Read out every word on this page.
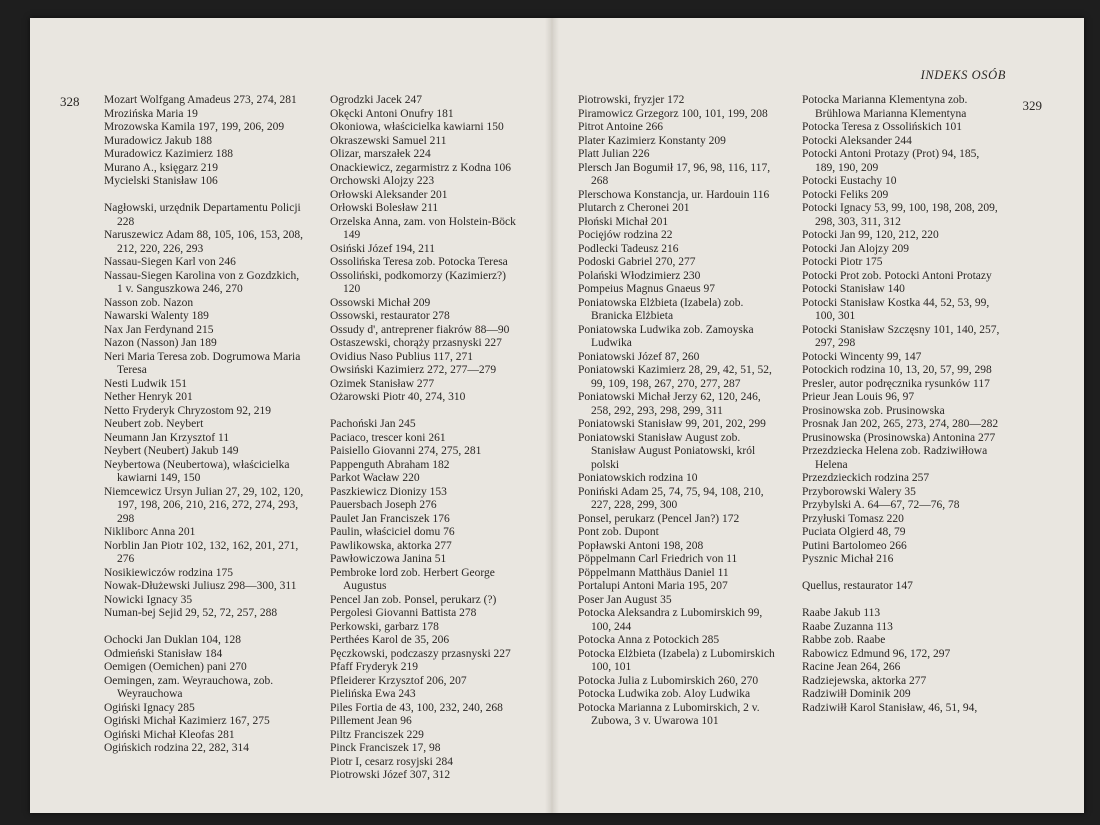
328 Mozart Wolfgang Amadeus 273, 274, 281
Mrozińska Maria 19
Mrozowska Kamila 197, 199, 206, 209
Muradowicz Jakub 188
Muradowicz Kazimierz 188
Murano A., księgarz 219
Mycielski Stanisław 106
Nagłowski, urzędnik Departamentu Policji 228
Naruszewicz Adam 88, 105, 106, 153, 208, 212, 220, 226, 293
Nassau-Siegen Karl von 246
Nassau-Siegen Karolina von z Gozdzkich, 1 v. Sanguszkowa 246, 270
Nasson zob. Nazon
Nawarski Walenty 189
Nax Jan Ferdynand 215
Nazon (Nasson) Jan 189
Neri Maria Teresa zob. Dogrumowa Maria Teresa
Nesti Ludwik 151
Nether Henryk 201
Netto Fryderyk Chryzostom 92, 219
Neubert zob. Neybert
Neumann Jan Krzysztof 11
Neybert (Neubert) Jakub 149
Neybertowa (Neubertowa), właścicielka kawiarni 149, 150
Niemcewicz Ursyn Julian 27, 29, 102, 120, 197, 198, 206, 210, 216, 272, 274, 293, 298
Nikliborc Anna 201
Norblin Jan Piotr 102, 132, 162, 201, 271, 276
Nosikiewiczów rodzina 175
Nowak-Dłużewski Juliusz 298—300, 311
Nowicki Ignacy 35
Numan-bej Sejid 29, 52, 72, 257, 288
Ochocki Jan Duklan 104, 128
Odmieński Stanisław 184
Oemigen (Oemichen) pani 270
Oemingen, zam. Weyrauchowa, zob. Weyrauchowa
Ogiński Ignacy 285
Ogiński Michał Kazimierz 167, 275
Ogiński Michał Kleofas 281
Ogińskich rodzina 22, 282, 314
Ogrodzki Jacek 247
Okęcki Antoni Onufry 181
Okoniowa, właścicielka kawiarni 150
Okraszewski Samuel 211
Olizar, marszałek 224
Onackiewicz, zegarmistrz z Kodna 106
Orchowski Alojzy 223
Orłowski Aleksander 201
Orłowski Bolesław 211
Orzelska Anna, zam. von Holstein-Böck 149
Osiński Józef 194, 211
Ossolińska Teresa zob. Potocka Teresa
Ossoliński, podkomorzy (Kazimierz?) 120
Ossowski Michał 209
Ossowski, restaurator 278
Ossudy d', antreprener fiakrów 88—90
Ostaszewski, chorąży przasnyski 227
Ovidius Naso Publius 117, 271
Owsiński Kazimierz 272, 277—279
Ozimek Stanisław 277
Ożarowski Piotr 40, 274, 310
Pachoński Jan 245
Paciaco, trescer koni 261
Paisiello Giovanni 274, 275, 281
Pappenguth Abraham 182
Parkot Wacław 220
Paszkiewicz Dionizy 153
Pauersbach Joseph 276
Paulet Jan Franciszek 176
Paulin, właściciel domu 76
Pawlikowska, aktorka 277
Pawłowiczowa Janina 51
Pembroke lord zob. Herbert George Augustus
Pencel Jan zob. Ponsel, perukarz (?)
Pergolesi Giovanni Battista 278
Perkowski, garbarz 178
Perthées Karol de 35, 206
Pęczkowski, podczaszy przasnyski 227
Pfaff Fryderyk 219
Pfleiderer Krzysztof 206, 207
Pielińska Ewa 243
Piles Fortia de 43, 100, 232, 240, 268
Pillement Jean 96
Piltz Franciszek 229
Pinck Franciszek 17, 98
Piotr I, cesarz rosyjski 284
Piotrowski Józef 307, 312
INDEKS OSÓB
329
Piotrowski, fryzjer 172
Piramowicz Grzegorz 100, 101, 199, 208
Pitrot Antoine 266
Plater Kazimierz Konstanty 209
Platt Julian 226
Plersch Jan Bogumił 17, 96, 98, 116, 117, 268
Plerschowa Konstancja, ur. Hardouin 116
Plutarch z Cheronei 201
Płoński Michał 201
Pocięjów rodzina 22
Podlecki Tadeusz 216
Podoski Gabriel 270, 277
Polański Włodzimierz 230
Pompeius Magnus Gnaeus 97
Poniatowska Elżbieta (Izabela) zob. Branicka Elżbieta
Poniatowska Ludwika zob. Zamoyska Ludwika
Poniatowski Józef 87, 260
Poniatowski Kazimierz 28, 29, 42, 51, 52, 99, 109, 198, 267, 270, 277, 287
Poniatowski Michał Jerzy 62, 120, 246, 258, 292, 293, 298, 299, 311
Poniatowski Stanisław 99, 201, 202, 299
Poniatowski Stanisław August zob. Stanisław August Poniatowski, król polski
Poniatowskich rodzina 10
Poniński Adam 25, 74, 75, 94, 108, 210, 227, 228, 299, 300
Ponsel, perukarz (Pencel Jan?) 172
Pont zob. Dupont
Popławski Antoni 198, 208
Pöppelmann Carl Friedrich von 11
Pöppelmann Matthäus Daniel 11
Portalupi Antoni Maria 195, 207
Poser Jan August 35
Potocka Aleksandra z Lubomirskich 99, 100, 244
Potocka Anna z Potockich 285
Potocka Elżbieta (Izabela) z Lubomirskich 100, 101
Potocka Julia z Lubomirskich 260, 270
Potocka Ludwika zob. Aloy Ludwika
Potocka Marianna z Lubomirskich, 2 v. Zubowa, 3 v. Uwarowa 101
Potocka Marianna Klementyna zob. Brühlowa Marianna Klementyna
Potocka Teresa z Ossolińskich 101
Potocki Aleksander 244
Potocki Antoni Protazy (Prot) 94, 185, 189, 190, 209
Potocki Eustachy 10
Potocki Feliks 209
Potocki Ignacy 53, 99, 100, 198, 208, 209, 298, 303, 311, 312
Potocki Jan 99, 120, 212, 220
Potocki Jan Alojzy 209
Potocki Piotr 175
Potocki Prot zob. Potocki Antoni Protazy
Potocki Stanisław 140
Potocki Stanisław Kostka 44, 52, 53, 99, 100, 301
Potocki Stanisław Szczęsny 101, 140, 257, 297, 298
Potocki Wincenty 99, 147
Potockich rodzina 10, 13, 20, 57, 99, 298
Presler, autor podręcznika rysunków 117
Prieur Jean Louis 96, 97
Prosinowska zob. Prusinowska
Prosnak Jan 202, 265, 273, 274, 280—282
Prusinowska (Prosinowska) Antonina 277
Przezdziecka Helena zob. Radziwiłłowa Helena
Przezdzieckich rodzina 257
Przyborowski Walery 35
Przybylski A. 64—67, 72—76, 78
Przyłuski Tomasz 220
Puciata Olgierd 48, 79
Putini Bartolomeo 266
Pysznic Michał 216
Quellus, restaurator 147
Raabe Jakub 113
Raabe Zuzanna 113
Rabbe zob. Raabe
Rabowicz Edmund 96, 172, 297
Racine Jean 264, 266
Radziejewska, aktorka 277
Radziwiłł Dominik 209
Radziwiłł Karol Stanisław, 46, 51, 94,
